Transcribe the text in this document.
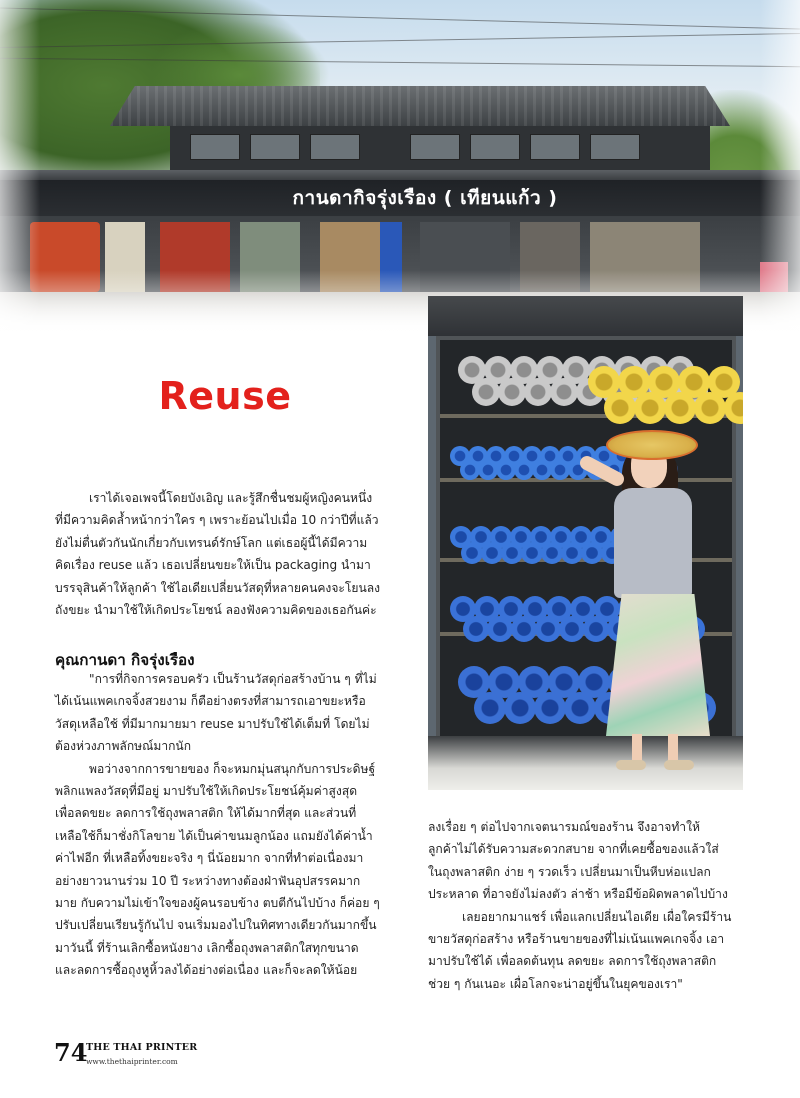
กานดากิจรุ่งเรือง ( เทียนแก้ว )
Reuse

เราได้เจอเพจนี้โดยบังเอิญ และรู้สึกชื่นชมผู้หญิงคนหนึ่ง
ที่มีความคิดล้ำหน้ากว่าใคร ๆ เพราะย้อนไปเมื่อ 10 กว่าปีที่แล้ว
ยังไม่ตื่นตัวกันนักเกี่ยวกับเทรนด์รักษ์โลก แต่เธอผู้นี้ได้มีความ
คิดเรื่อง reuse แล้ว เธอเปลี่ยนขยะให้เป็น packaging นำมา
บรรจุสินค้าให้ลูกค้า ใช้ไอเดียเปลี่ยนวัสดุที่หลายคนคงจะโยนลง
ถังขยะ นำมาใช้ให้เกิดประโยชน์ ลองฟังความคิดของเธอกันค่ะ

คุณกานดา กิจรุ่งเรือง

"การที่กิจการครอบครัว เป็นร้านวัสดุก่อสร้างบ้าน ๆ ที่ไม่
ได้เน้นแพคเกจจิ้งสวยงาม ก็ตือย่างตรงที่สามารถเอาขยะหรือ
วัสดุเหลือใช้ ที่มีมากมายมา reuse มาปรับใช้ได้เต็มที่ โดยไม่
ต้องห่วงภาพลักษณ์มากนัก

พอว่างจากการขายของ ก็จะหมกมุ่นสนุกกับการประดิษฐ์
พลิกแพลงวัสดุที่มีอยู่ มาปรับใช้ให้เกิดประโยชน์คุ้มค่าสูงสุด
เพื่อลดขยะ ลดการใช้ถุงพลาสติก ให้ได้มากที่สุด และส่วนที่
เหลือใช้ก็มาชั่งกิโลขาย ได้เป็นค่าขนมลูกน้อง แถมยังได้ค่าน้ำ
ค่าไฟอีก ที่เหลือทิ้งขยะจริง ๆ นี่น้อยมาก จากที่ทำต่อเนื่องมา
อย่างยาวนานร่วม 10 ปี ระหว่างทางต้องฝ่าฟันอุปสรรคมาก
มาย กับความไม่เข้าใจของผู้คนรอบข้าง ตบตีกันไปบ้าง ก็ค่อย ๆ
ปรับเปลี่ยนเรียนรู้กันไป จนเริ่มมองไปในทิศทางเดียวกันมากขึ้น
มาวันนี้ ที่ร้านเลิกซื้อหนังยาง เลิกซื้อถุงพลาสติกใสทุกขนาด
และลดการซื้อถุงหูหิ้วลงได้อย่างต่อเนื่อง และก็จะลดให้น้อย

ลงเรื่อย ๆ ต่อไปจากเจตนารมณ์ของร้าน จึงอาจทำให้
ลูกค้าไม่ได้รับความสะดวกสบาย จากที่เคยซื้อของแล้วใส่
ในถุงพลาสติก ง่าย ๆ รวดเร็ว เปลี่ยนมาเป็นหีบห่อแปลก
ประหลาด ที่อาจยังไม่ลงตัว ล่าช้า หรือมีข้อผิดพลาดไปบ้าง

เลยอยากมาแชร์ เพื่อแลกเปลี่ยนไอเดีย เผื่อใครมีร้าน
ขายวัสดุก่อสร้าง หรือร้านขายของที่ไม่เน้นแพคเกจจิ้ง เอา
มาปรับใช้ได้ เพื่อลดต้นทุน ลดขยะ ลดการใช้ถุงพลาสติก
ช่วย ๆ กันเนอะ เผื่อโลกจะน่าอยู่ขึ้นในยุคของเรา"

74
THE THAI PRINTER
www.thethaiprinter.com
